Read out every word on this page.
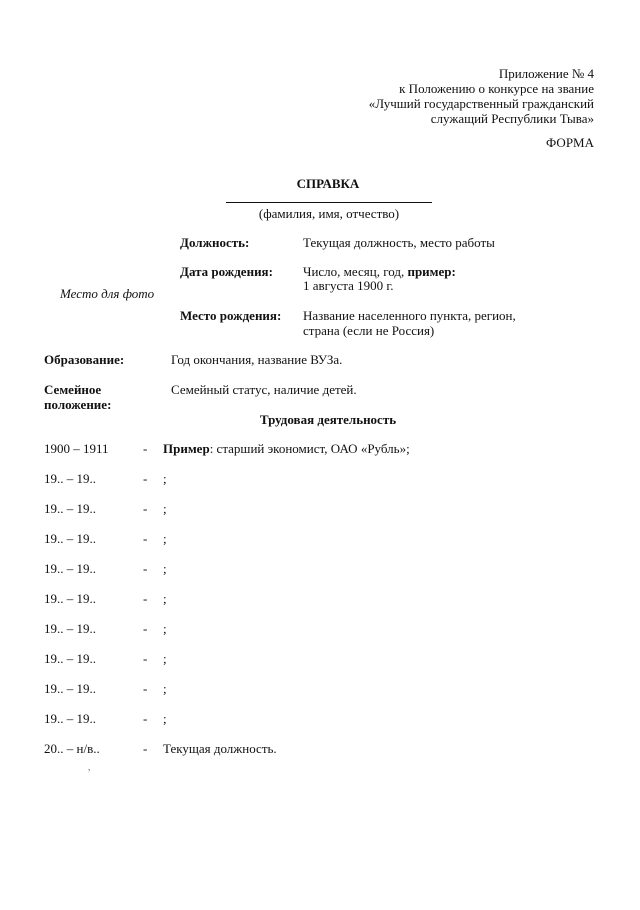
Приложение № 4
к Положению о конкурсе на звание
«Лучший государственный гражданский
служащий Республики Тыва»
ФОРМА
СПРАВКА
(фамилия, имя, отчество)
Место для фото
Должность:	Текущая должность, место работы
Дата рождения: Число, месяц, год, пример:
1 августа 1900 г.
Место рождения: Название населенного пункта, регион,
страна (если не Россия)
Образование:	Год окончания, название ВУЗа.
Семейное
положение:
Семейный статус, наличие детей.
Трудовая деятельность
1900 – 1911	- Пример: старший экономист, ОАО «Рубль»;
19.. – 19..	- ;
19.. – 19..	- ;
19.. – 19..	- ;
19.. – 19..	- ;
19.. – 19..	- ;
19.. – 19..	- ;
19.. – 19..	- ;
19.. – 19..	- ;
19.. – 19..	- ;
20.. – н/в..	- Текущая должность.
,
